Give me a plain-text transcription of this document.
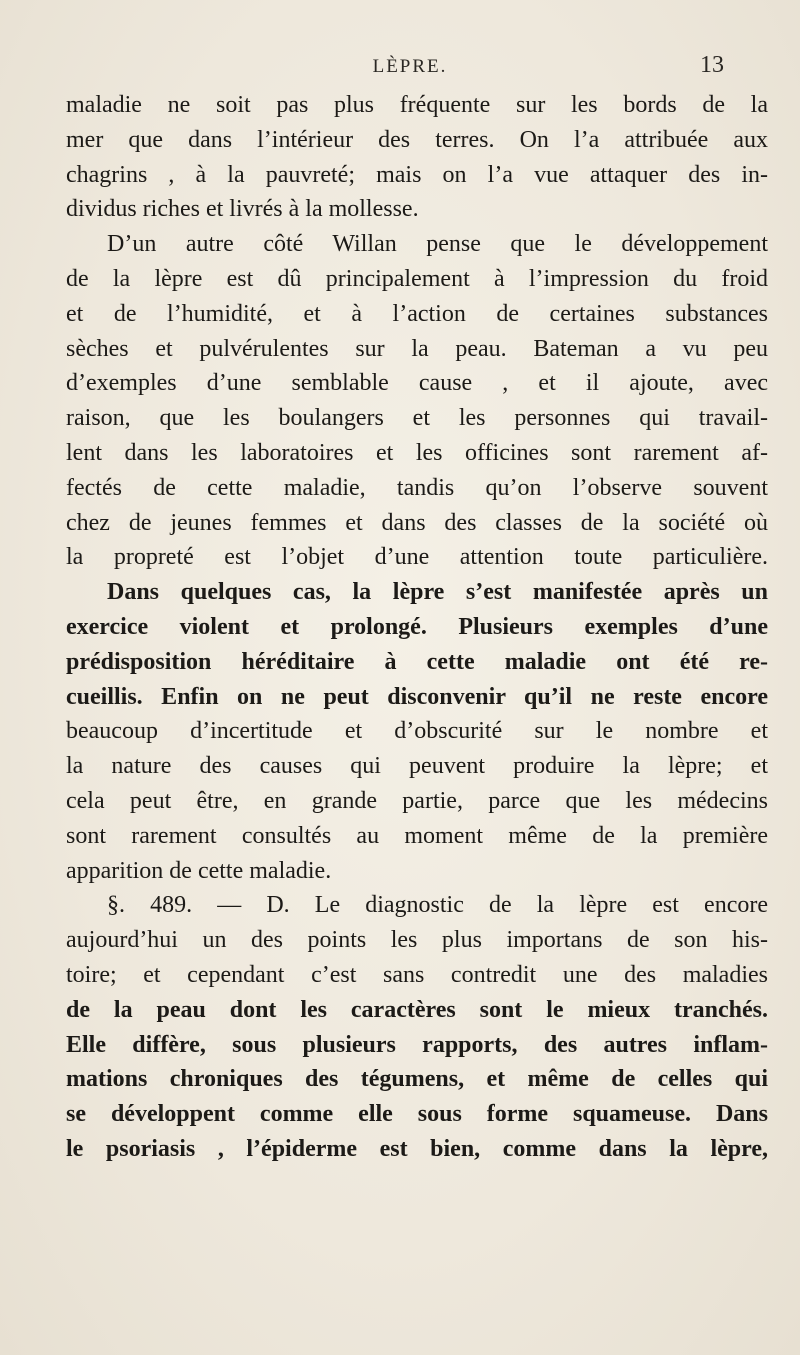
LÈPRE.	13
maladie ne soit pas plus fréquente sur les bords de la
mer que dans l’intérieur des terres. On l’a attribuée aux
chagrins , à la pauvreté; mais on l’a vue attaquer des in-
dividus riches et livrés à la mollesse.
D’un autre côté Willan pense que le développement
de la lèpre est dû principalement à l’impression du froid
et de l’humidité, et à l’action de certaines substances
sèches et pulvérulentes sur la peau. Bateman a vu peu
d’exemples d’une semblable cause , et il ajoute, avec
raison, que les boulangers et les personnes qui travail-
lent dans les laboratoires et les officines sont rarement af-
fectés de cette maladie, tandis qu’on l’observe souvent
chez de jeunes femmes et dans des classes de la société où
la propreté est l’objet d’une attention toute particulière.
Dans quelques cas, la lèpre s’est manifestée après un
exercice violent et prolongé. Plusieurs exemples d’une
prédisposition héréditaire à cette maladie ont été re-
cueillis. Enfin on ne peut disconvenir qu’il ne reste encore
beaucoup d’incertitude et d’obscurité sur le nombre et
la nature des causes qui peuvent produire la lèpre; et
cela peut être, en grande partie, parce que les médecins
sont rarement consultés au moment même de la première
apparition de cette maladie.
§. 489. — D. Le diagnostic de la lèpre est encore
aujourd’hui un des points les plus importans de son his-
toire; et cependant c’est sans contredit une des maladies
de la peau dont les caractères sont le mieux tranchés.
Elle diffère, sous plusieurs rapports, des autres inflam-
mations chroniques des tégumens, et même de celles qui
se développent comme elle sous forme squameuse. Dans
le psoriasis , l’épiderme est bien, comme dans la lèpre,
